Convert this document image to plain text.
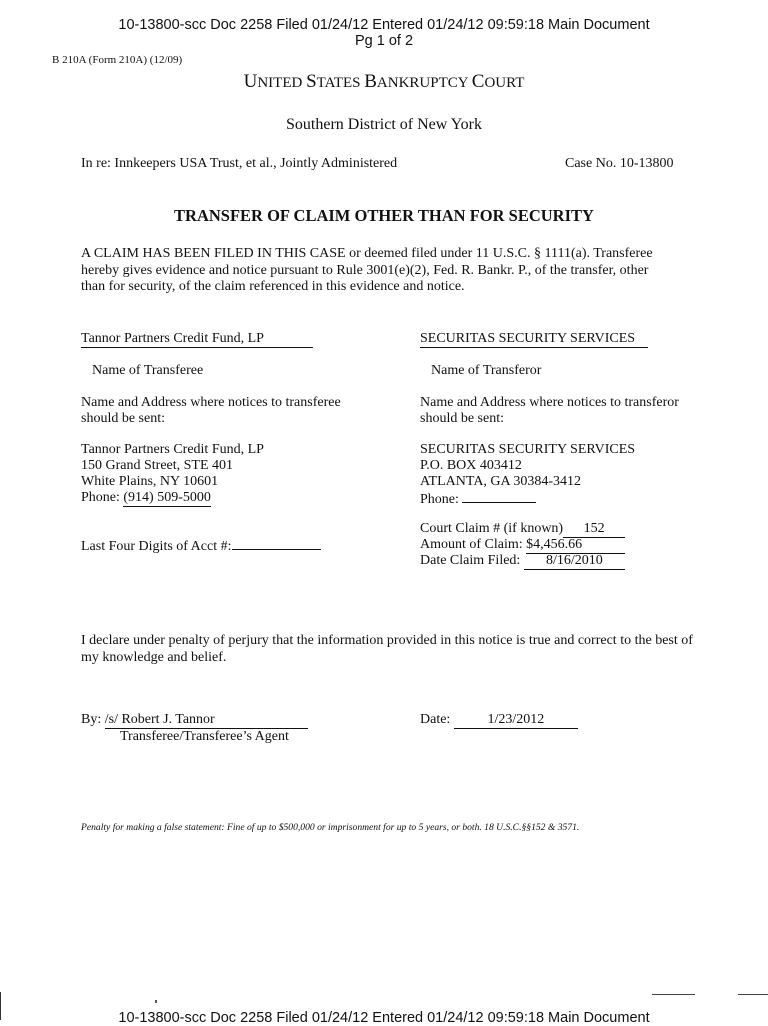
10-13800-scc Doc 2258 Filed 01/24/12 Entered 01/24/12 09:59:18 Main Document
Pg 1 of 2
B 210A (Form 210A) (12/09)
UNITED STATES BANKRUPTCY COURT
Southern District of New York
In re: Innkeepers USA Trust, et al., Jointly Administered	Case No. 10-13800
TRANSFER OF CLAIM OTHER THAN FOR SECURITY
A CLAIM HAS BEEN FILED IN THIS CASE or deemed filed under 11 U.S.C. § 1111(a). Transferee
hereby gives evidence and notice pursuant to Rule 3001(e)(2), Fed. R. Bankr. P., of the transfer, other
than for security, of the claim referenced in this evidence and notice.
Tannor Partners Credit Fund, LP	SECURITAS SECURITY SERVICES
Name of Transferee	Name of Transferor
Name and Address where notices to transferee
should be sent:
Name and Address where notices to transferor
should be sent:
Tannor Partners Credit Fund, LP
150 Grand Street, STE 401
White Plains, NY 10601
Phone: (914) 509-5000
SECURITAS SECURITY SERVICES
P.O. BOX 403412
ATLANTA, GA 30384-3412
Phone:
Court Claim # (if known) 152
Amount of Claim: $4,456.66
Date Claim Filed: 8/16/2010
Last Four Digits of Acct #:
I declare under penalty of perjury that the information provided in this notice is true and correct to the best of
my knowledge and belief.
By: /s/ Robert J. Tannor
Transferee/Transferee’s Agent
Date: 1/23/2012
Penalty for making a false statement: Fine of up to $500,000 or imprisonment for up to 5 years, or both. 18 U.S.C.§§152 & 3571.
10-13800-scc Doc 2258 Filed 01/24/12 Entered 01/24/12 09:59:18 Main Document
